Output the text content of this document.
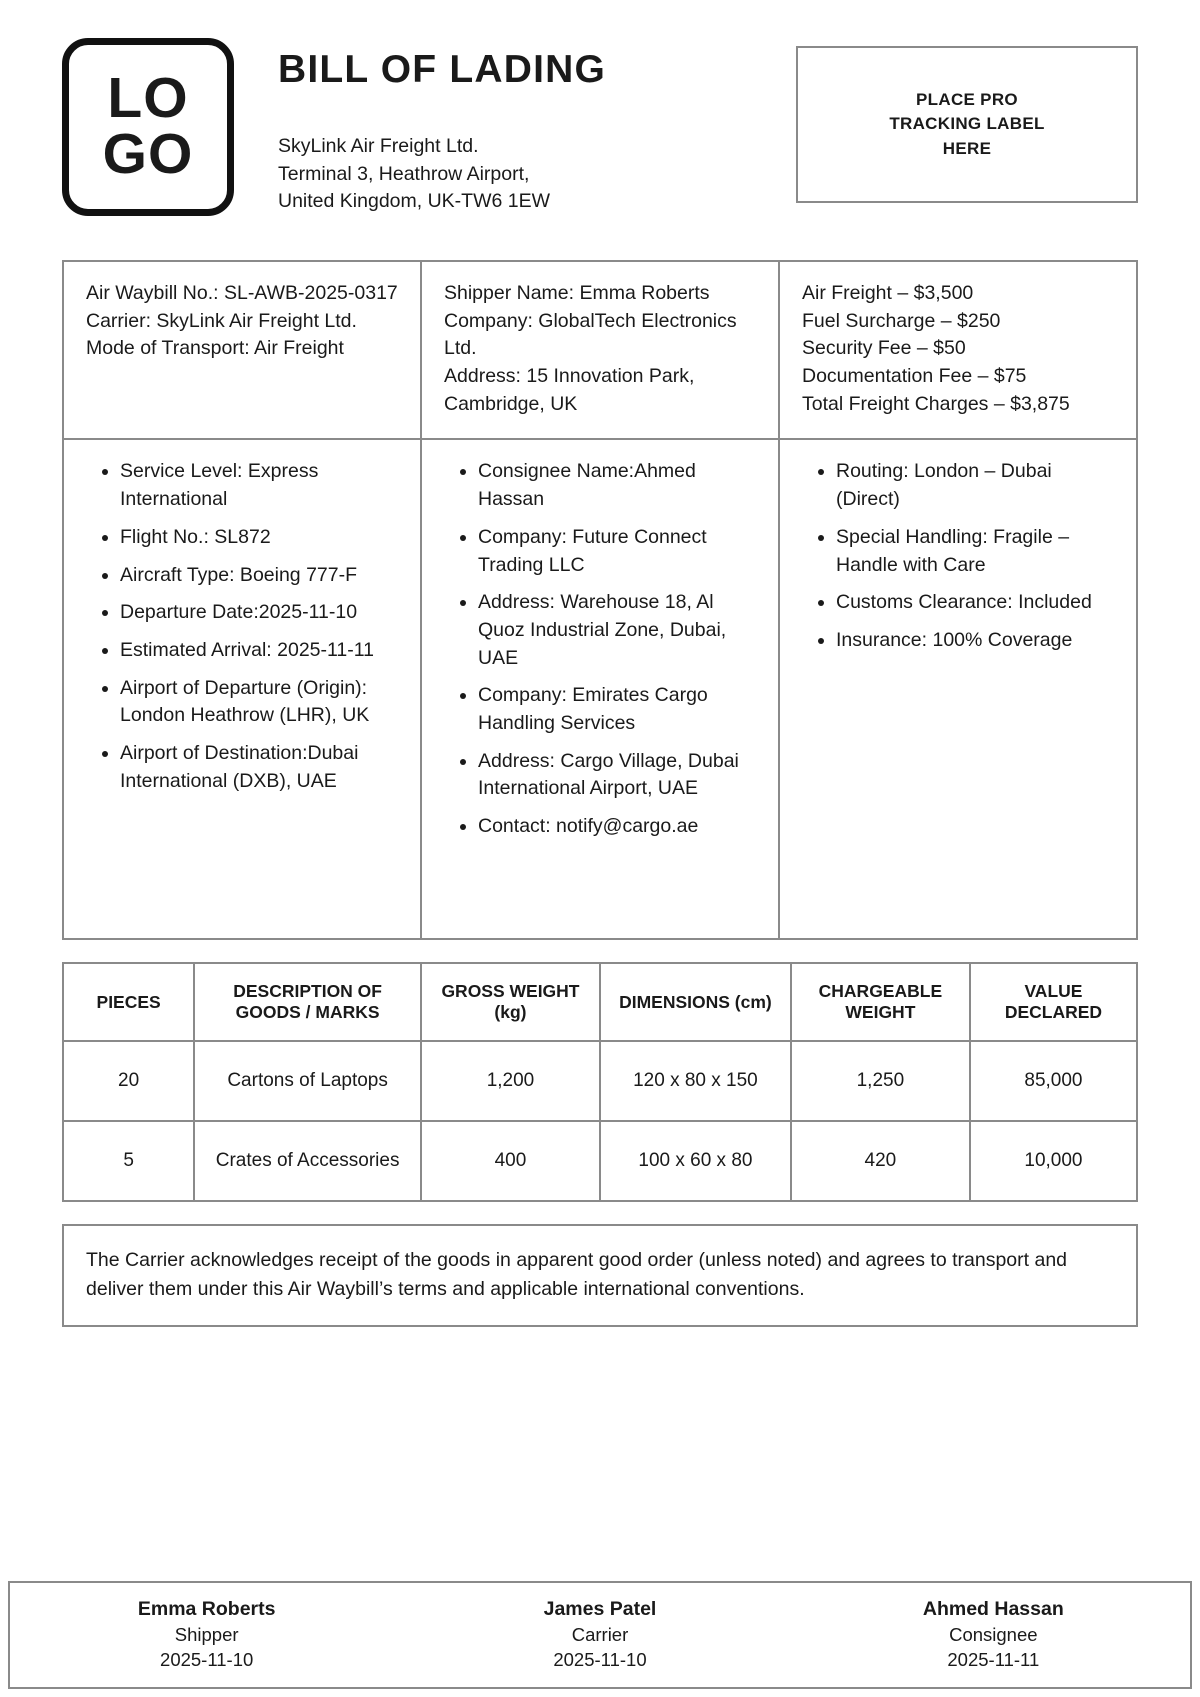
LO
GO
BILL OF LADING
SkyLink Air Freight Ltd.
Terminal 3, Heathrow Airport,
United Kingdom, UK-TW6 1EW
PLACE PRO
TRACKING LABEL
HERE

Air Waybill No.: SL-AWB-2025-0317

Carrier: SkyLink Air Freight Ltd.

Mode of Transport: Air Freight

Shipper Name: Emma Roberts

Company: GlobalTech Electronics Ltd.

Address: 15 Innovation Park, Cambridge, UK

Air Freight – $3,500

Fuel Surcharge – $250

Security Fee – $50

Documentation Fee – $75

Total Freight Charges – $3,875

• Service Level: Express International
• Flight No.: SL872
• Aircraft Type: Boeing 777-F
• Departure Date:2025-11-10
• Estimated Arrival: 2025-11-11
• Airport of Departure (Origin): London Heathrow (LHR), UK
• Airport of Destination:Dubai International (DXB), UAE
• Consignee Name:Ahmed Hassan
• Company: Future Connect Trading LLC
• Address: Warehouse 18, Al Quoz Industrial Zone, Dubai, UAE
• Company: Emirates Cargo Handling Services
• Address: Cargo Village, Dubai International Airport, UAE
• Contact: notify@cargo.ae
• Routing: London – Dubai (Direct)
• Special Handling: Fragile – Handle with Care
• Customs Clearance: Included
• Insurance: 100% Coverage
PIECES	DESCRIPTION OF GOODS / MARKS	GROSS WEIGHT (kg)	DIMENSIONS (cm)	CHARGEABLE WEIGHT	VALUE DECLARED
20	Cartons of Laptops	1,200	120 x 80 x 150	1,250	85,000
5	Crates of Accessories	400	100 x 60 x 80	420	10,000

The Carrier acknowledges receipt of the goods in apparent good order (unless noted) and agrees to transport and deliver them under this Air Waybill’s terms and applicable international conventions.

Emma Roberts
Shipper
2025-11-10
James Patel
Carrier
2025-11-10
Ahmed Hassan
Consignee
2025-11-11
